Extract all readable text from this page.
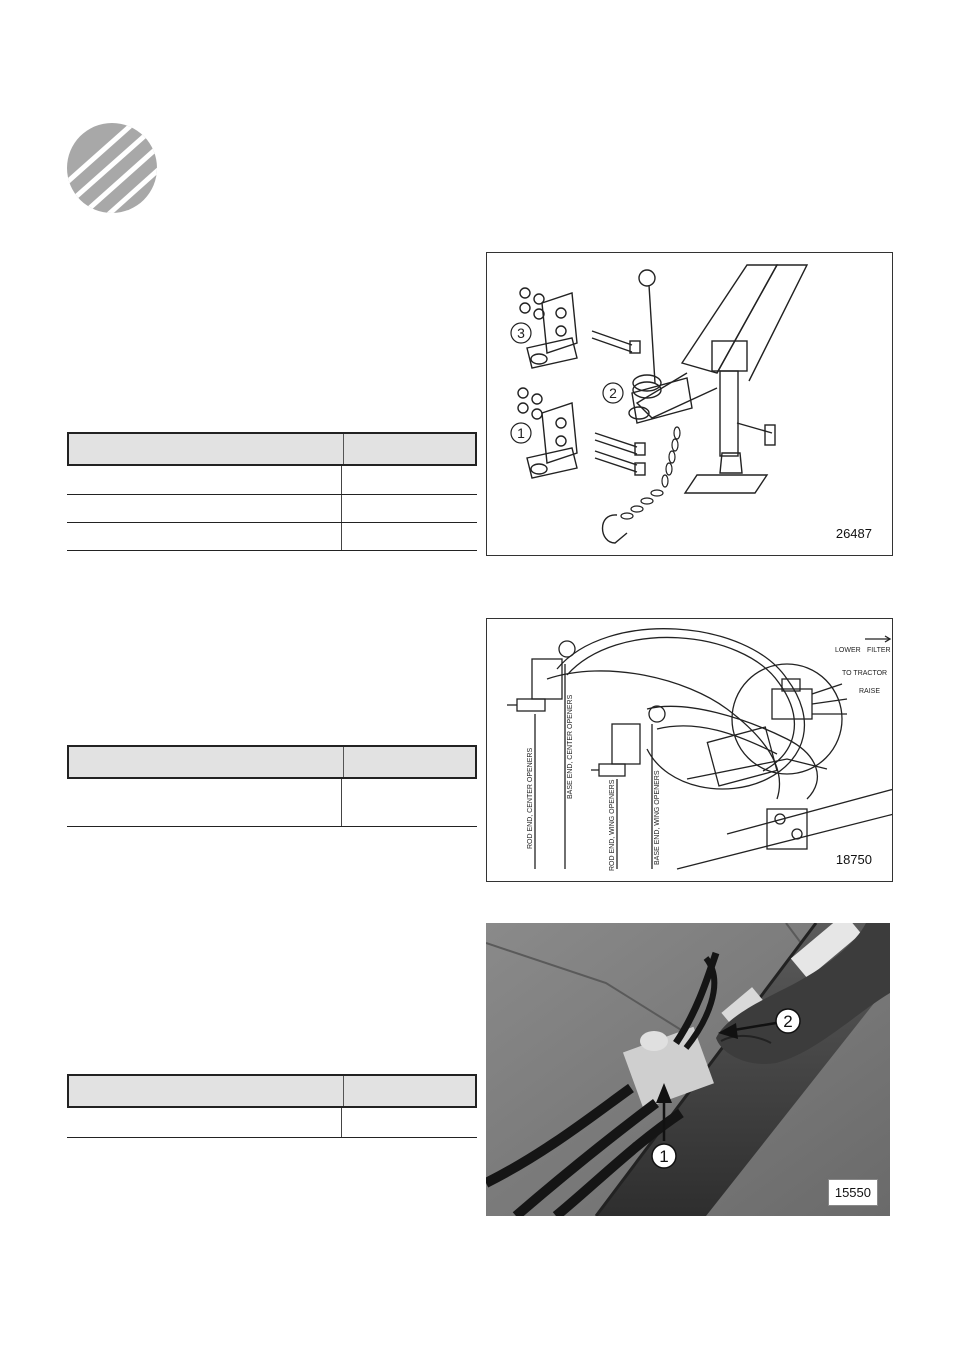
1
2
3
26487
LOWER FILTER
TO TRACTOR
RAISE
ROD END, CENTER OPENERS	BASE END, CENTER OPENERS
ROD END, WING OPENERS	BASE END, WING OPENERS	18750
1
2
15550
